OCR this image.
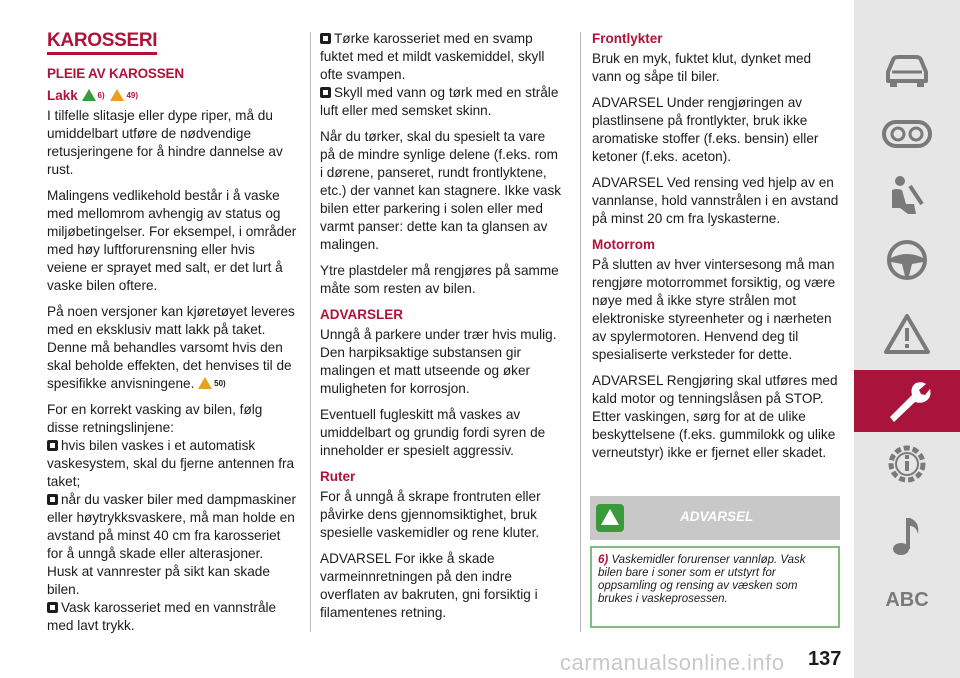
KAROSSERI
PLEIE AV KAROSSEN
Lakk $^{6)}$	$^{49)}$

I tilfelle slitasje eller dype riper, må du umiddelbart utføre de nødvendige retusjeringene for å hindre dannelse av rust.

Malingens vedlikehold består i å vaske med mellomrom avhengig av status og miljøbetingelser. For eksempel, i områder med høy luftforurensning eller hvis veiene er sprayet med salt, er det lurt å vaske bilen oftere.

På noen versjoner kan kjøretøyet leveres med en eksklusiv matt lakk på taket. Denne må behandles varsomt hvis den skal beholde effekten, det henvises til de spesifikke anvisningene. $^{50)}$

For en korrekt vasking av bilen, følg disse retningslinjene:

hvis bilen vaskes i et automatisk vaskesystem, skal du fjerne antennen fra taket;
når du vasker biler med dampmaskiner eller høytrykksvaskere, må man holde en avstand på minst 40 cm fra karosseriet for å unngå skade eller alterasjoner. Husk at vannrester på sikt kan skade bilen.
Vask karosseriet med en vannstråle med lavt trykk.
Tørke karosseriet med en svamp fuktet med et mildt vaskemiddel, skyll ofte svampen.
Skyll med vann og tørk med en stråle luft eller med semsket skinn.

Når du tørker, skal du spesielt ta vare på de mindre synlige delene (f.eks. rom i dørene, panseret, rundt frontlyktene, etc.) der vannet kan stagnere. Ikke vask bilen etter parkering i solen eller med varmt panser: dette kan ta glansen av malingen.

Ytre plastdeler må rengjøres på samme måte som resten av bilen.

ADVARSLER

Unngå å parkere under trær hvis mulig. Den harpiksaktige substansen gir malingen et matt utseende og øker muligheten for korrosjon.

Eventuell fugleskitt må vaskes av umiddelbart og grundig fordi syren de inneholder er spesielt aggressiv.

Ruter

For å unngå å skrape frontruten eller påvirke dens gjennomsiktighet, bruk spesielle vaskemidler og rene kluter.

ADVARSEL For ikke å skade varmeinnretningen på den indre overflaten av bakruten, gni forsiktig i filamentenes retning.

Frontlykter

Bruk en myk, fuktet klut, dynket med vann og såpe til biler.

ADVARSEL Under rengjøringen av plastlinsene på frontlykter, bruk ikke aromatiske stoffer (f.eks. bensin) eller ketoner (f.eks. aceton).

ADVARSEL Ved rensing ved hjelp av en vannlanse, hold vannstrålen i en avstand på minst 20 cm fra lyskasterne.

Motorrom

På slutten av hver vintersesong må man rengjøre motorrommet forsiktig, og være nøye med å ikke styre strålen mot elektroniske styreenheter og i nærheten av spylermotoren. Henvend deg til spesialiserte verksteder for dette.

ADVARSEL Rengjøring skal utføres med kald motor og tenningslåsen på STOP. Etter vaskingen, sørg for at de ulike beskyttelsene (f.eks. gummilokk og ulike verneutstyr) ikke er fjernet eller skadet.

ADVARSEL
6) Vaskemidler forurenser vannløp. Vask bilen bare i soner som er utstyrt for oppsamling og rensing av væsken som brukes i vaskeprosessen.	ABC
carmanualsonline.info 137
